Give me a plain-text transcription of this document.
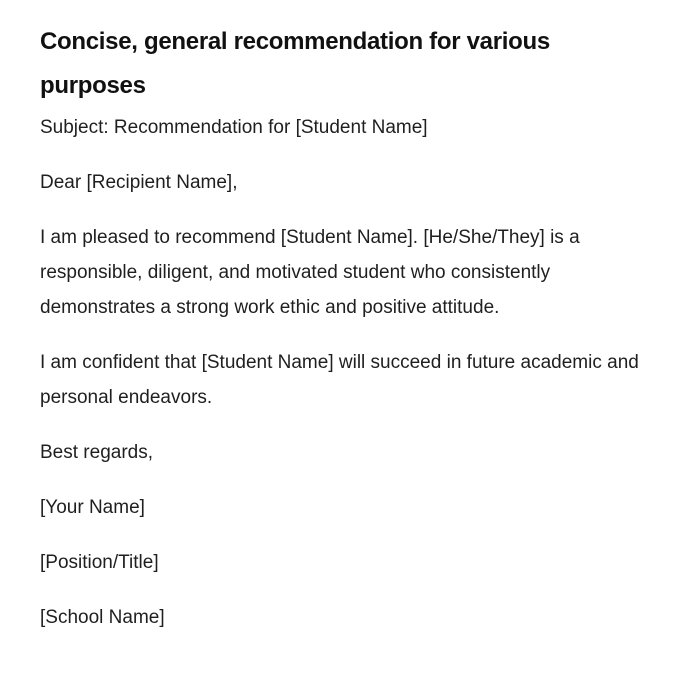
Concise, general recommendation for various purposes

Subject: Recommendation for [Student Name]

Dear [Recipient Name],

I am pleased to recommend [Student Name]. [He/She/They] is a responsible, diligent, and motivated student who consistently demonstrates a strong work ethic and positive attitude.

I am confident that [Student Name] will succeed in future academic and personal endeavors.

Best regards,

[Your Name]

[Position/Title]

[School Name]
